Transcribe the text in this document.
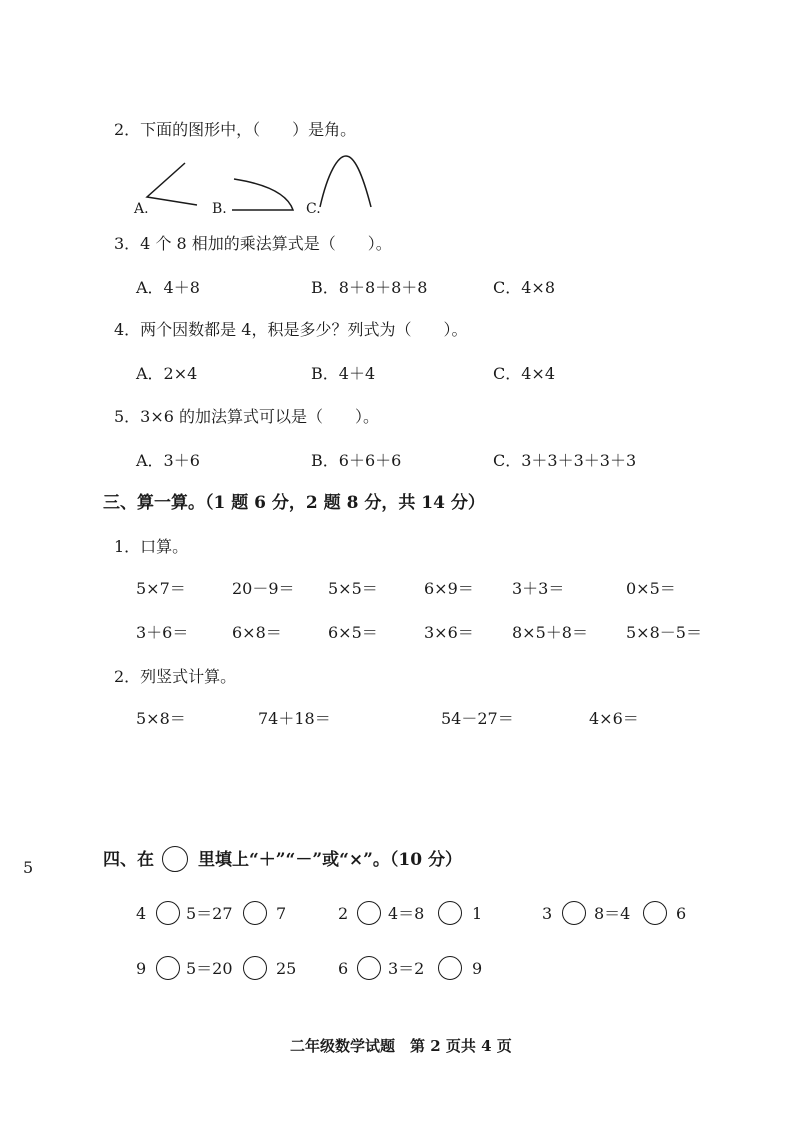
2．下面的图形中，（　　）是角。
A.	B.	C.
3．4 个 8 相加的乘法算式是（　　）。
A．4＋8	B．8＋8＋8＋8	C．4×8
4．两个因数都是 4，积是多少？列式为（　　）。
A．2×4	B．4＋4	C．4×4
5．3×6 的加法算式可以是（　　）。
A．3＋6	B．6＋6＋6	C．3＋3＋3＋3＋3
三、算一算。（1 题 6 分，2 题 8 分，共 14 分）
1．口算。
5×7＝	20－9＝ 5×5＝	6×9＝ 3＋3＝	0×5＝
3＋6＝	6×8＝	6×5＝	3×6＝ 8×5＋8＝ 5×8－5＝
2．列竖式计算。
5×8＝	74＋18＝	54－27＝	4×6＝
5	四、在	里填上“＋”“－”或“×”。（10 分）
4 5＝27	7	2 4＝8	1	3	8＝4	6
9 5＝20	25	6 3＝2	9
二年级数学试题　第 2 页共 4 页
